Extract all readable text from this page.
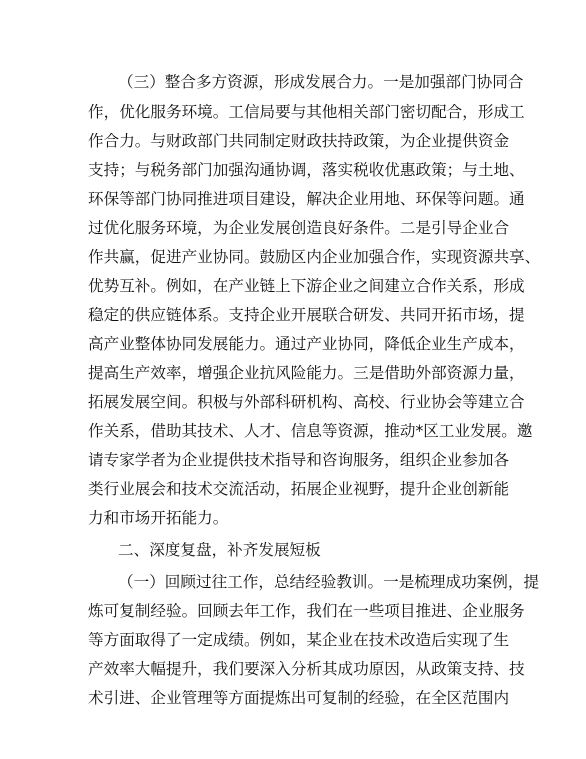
（三）整合多方资源，形成发展合力。一是加强部门协同合
作，优化服务环境。工信局要与其他相关部门密切配合，形成工
作合力。与财政部门共同制定财政扶持政策，为企业提供资金
支持；与税务部门加强沟通协调，落实税收优惠政策；与土地、
环保等部门协同推进项目建设，解决企业用地、环保等问题。通
过优化服务环境，为企业发展创造良好条件。二是引导企业合
作共赢，促进产业协同。鼓励区内企业加强合作，实现资源共享、
优势互补。例如，在产业链上下游企业之间建立合作关系，形成
稳定的供应链体系。支持企业开展联合研发、共同开拓市场，提
高产业整体协同发展能力。通过产业协同，降低企业生产成本，
提高生产效率，增强企业抗风险能力。三是借助外部资源力量，
拓展发展空间。积极与外部科研机构、高校、行业协会等建立合
作关系，借助其技术、人才、信息等资源，推动*区工业发展。邀
请专家学者为企业提供技术指导和咨询服务，组织企业参加各
类行业展会和技术交流活动，拓展企业视野，提升企业创新能
力和市场开拓能力。
二、深度复盘，补齐发展短板
（一）回顾过往工作，总结经验教训。一是梳理成功案例，提
炼可复制经验。回顾去年工作，我们在一些项目推进、企业服务
等方面取得了一定成绩。例如，某企业在技术改造后实现了生
产效率大幅提升，我们要深入分析其成功原因，从政策支持、技
术引进、企业管理等方面提炼出可复制的经验，在全区范围内
